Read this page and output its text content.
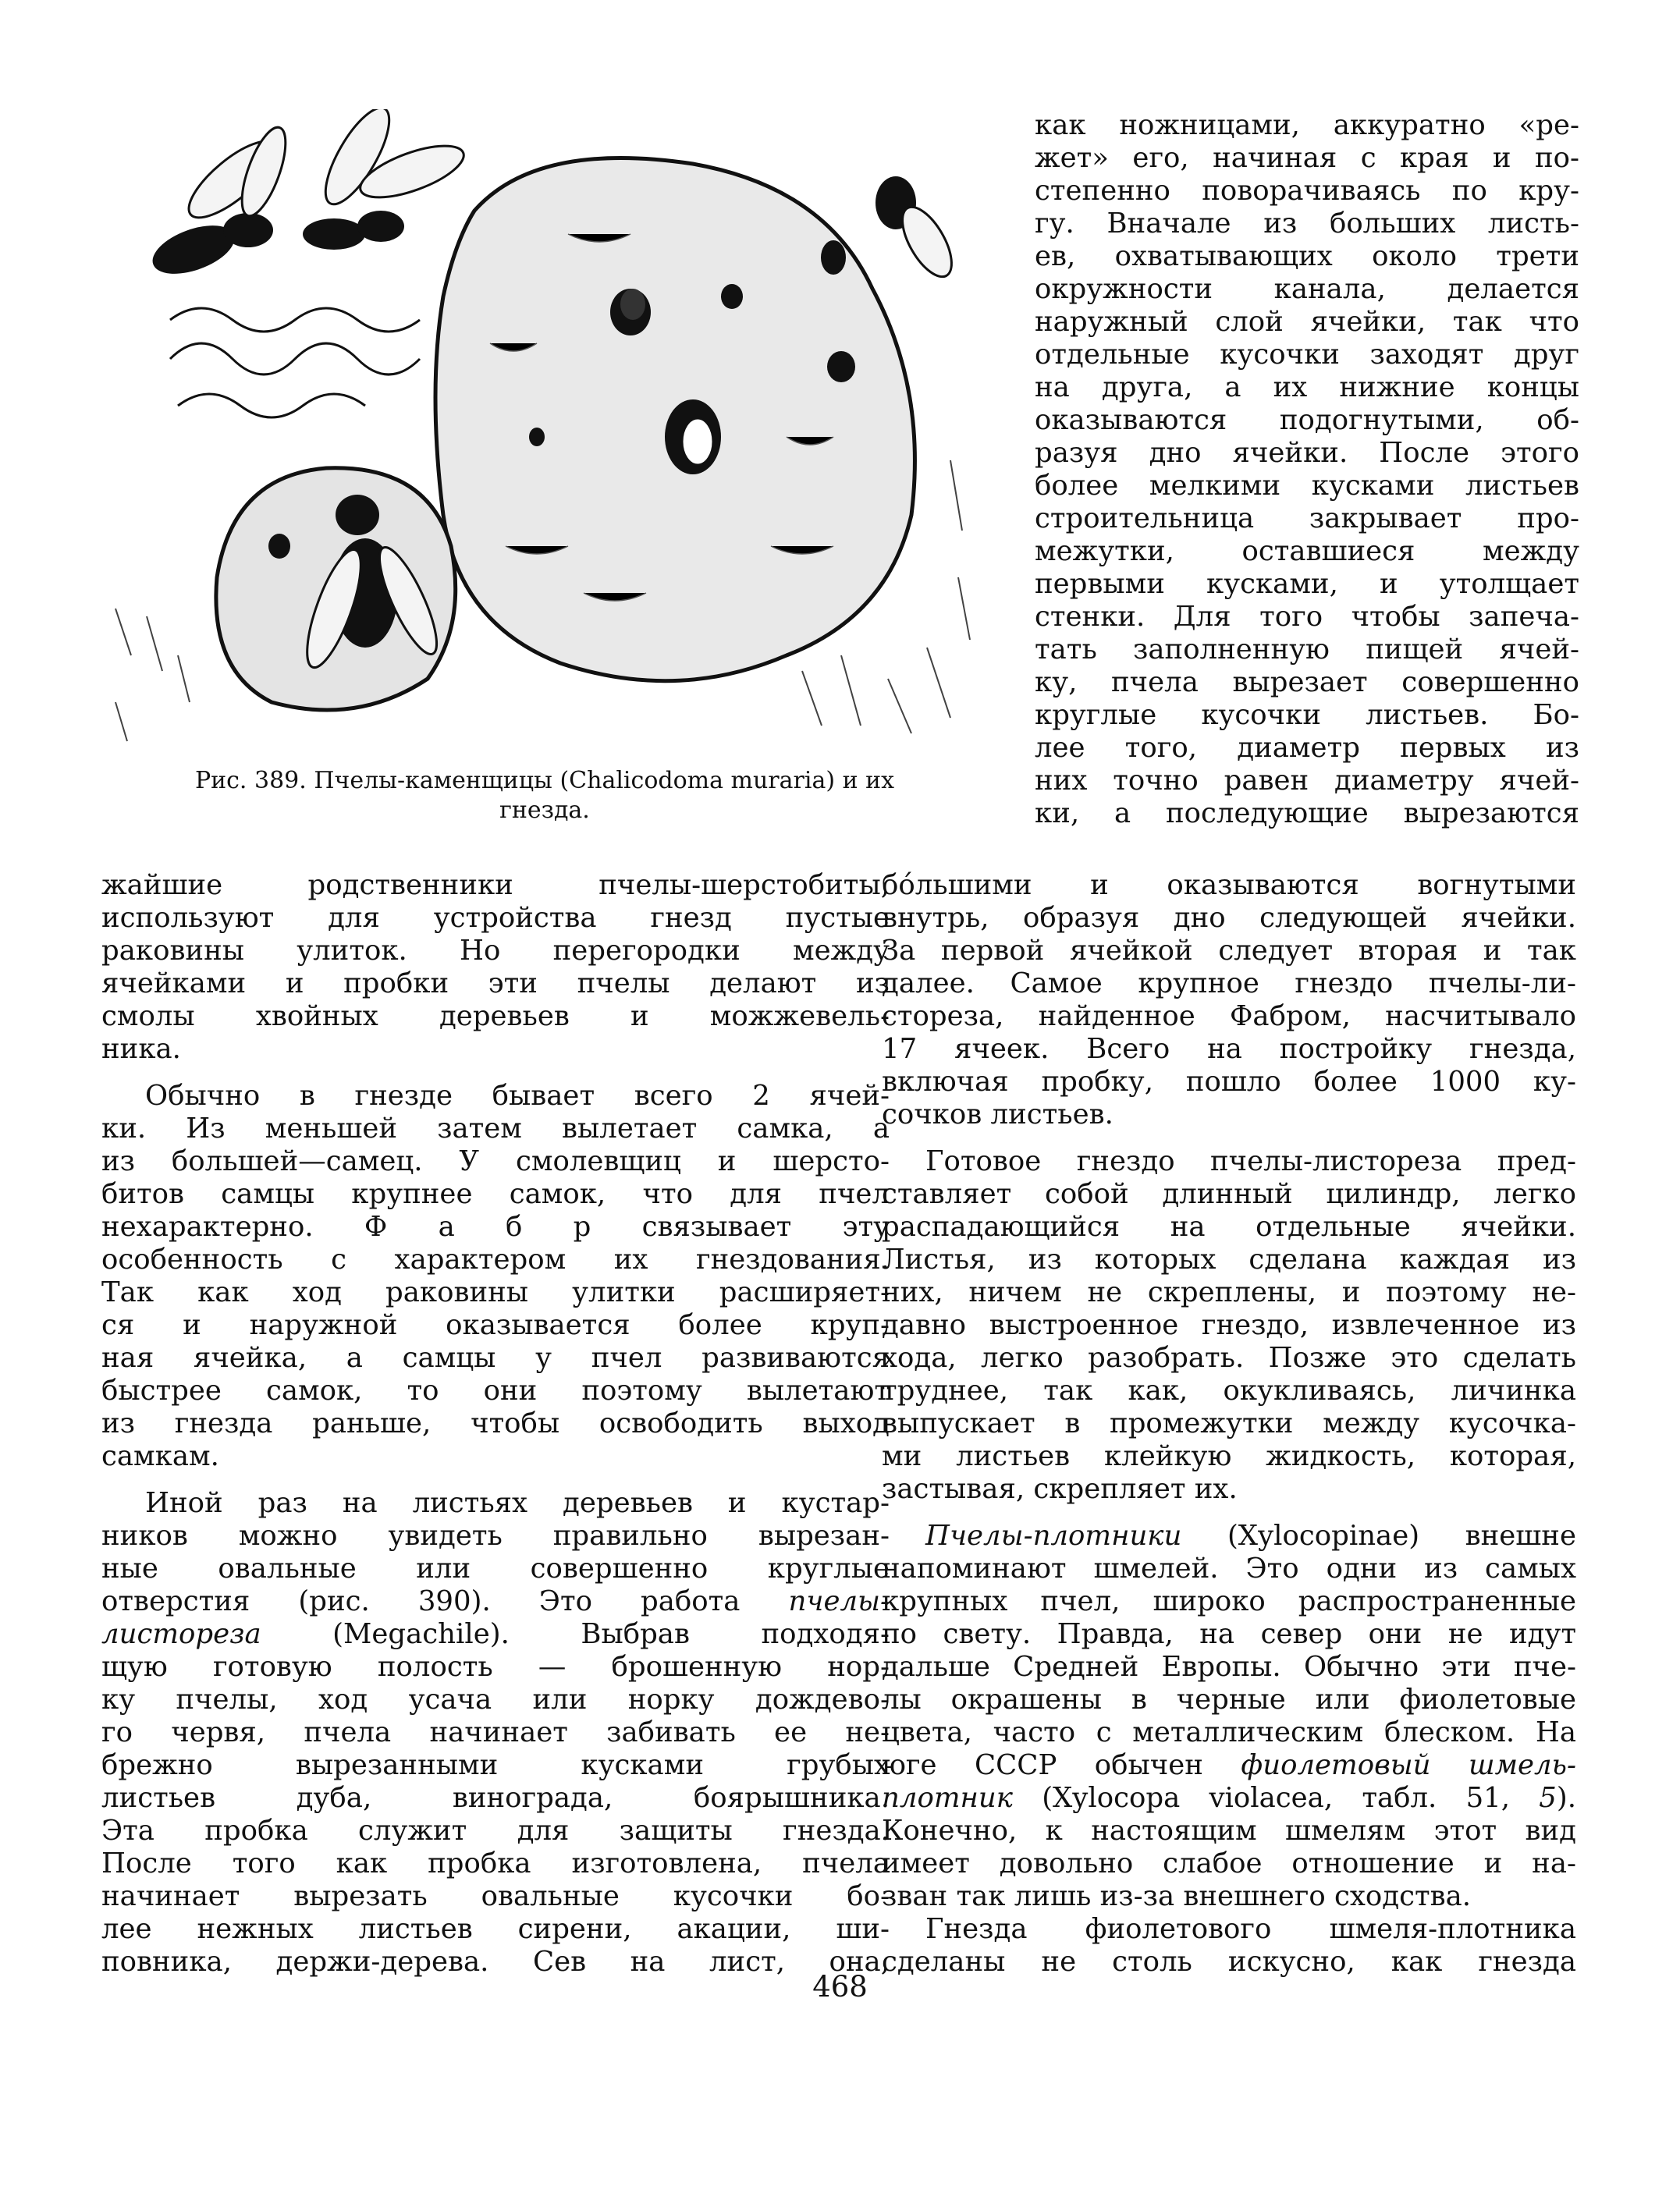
Рис. 389. Пчелы-каменщицы (Chalicodoma muraria) и их
гнезда.

как ножницами, аккуратно «ре-
жет» его, начиная с края и по-
степенно поворачиваясь по кру-
гу. Вначале из больших листь-
ев, охватывающих около трети
окружности канала, делается
наружный слой ячейки, так что
отдельные кусочки заходят друг
на друга, а их нижние концы
оказываются подогнутыми, об-
разуя дно ячейки. После этого
более мелкими кусками листьев
строительница закрывает про-
межутки, оставшиеся между
первыми кусками, и утолщает
стенки. Для того чтобы запеча-
тать заполненную пищей ячей-
ку, пчела вырезает совершенно
круглые кусочки листьев. Бо-
лее того, диаметр первых из
них точно равен диаметру ячей-
ки, а последующие вырезаются

жайшие родственники пчелы-шерстобиты,
используют для устройства гнезд пустые
раковины улиток. Но перегородки между
ячейками и пробки эти пчелы делают из
смолы хвойных деревьев и можжевель-
ника.

Обычно в гнезде бывает всего 2 ячей-
ки. Из меньшей затем вылетает самка, а
из большей—самец. У смолевщиц и шерсто-
битов самцы крупнее самок, что для пчел
нехарактерно. Ф а б р связывает эту
особенность с характером их гнездования.
Так как ход раковины улитки расширяет-
ся и наружной оказывается более круп-
ная ячейка, а самцы у пчел развиваются
быстрее самок, то они поэтому вылетают
из гнезда раньше, чтобы освободить выход
самкам.

Иной раз на листьях деревьев и кустар-
ников можно увидеть правильно вырезан-
ные овальные или совершенно круглые
отверстия (рис. 390). Это работа пчелы-
листореза	(Megachile). Выбрав подходя-
щую готовую полость — брошенную нор-
ку пчелы, ход усача или норку дождево-
го червя, пчела начинает забивать ее не-
брежно вырезанными кусками грубых
листьев дуба, винограда, боярышника.
Эта пробка служит для защиты гнезда.
После того как пробка изготовлена, пчела
начинает вырезать овальные кусочки бо-
лее нежных листьев сирени, акации, ши-
повника, держи-дерева. Сев на лист, она,

бо́льшими и оказываются вогнутыми
внутрь, образуя дно следующей ячейки.
За первой ячейкой следует вторая и так
далее. Самое крупное гнездо пчелы-ли-
стореза, найденное Фабром, насчитывало
17 ячеек. Всего на постройку гнезда,
включая пробку, пошло более 1000 ку-
сочков листьев.

Готовое гнездо пчелы-листореза пред-
ставляет собой длинный цилиндр, легко
распадающийся на отдельные ячейки.
Листья, из которых сделана каждая из
них, ничем не скреплены, и поэтому не-
давно выстроенное гнездо, извлеченное из
хода, легко разобрать. Позже это сделать
труднее, так как, окукливаясь, личинка
выпускает в промежутки между кусочка-
ми листьев клейкую жидкость, которая,
застывая, скрепляет их.

Пчелы-плотники (Xylocopinae) внешне
напоминают шмелей. Это одни из самых
крупных пчел, широко распространенные
по свету. Правда, на север они не идут
дальше Средней Европы. Обычно эти пче-
лы окрашены в черные или фиолетовые
цвета, часто с металлическим блеском. На
юге СССР обычен фиолетовый шмель-
плотник (Xylocopa violacea, табл. 51, 5).
Конечно, к настоящим шмелям этот вид
имеет довольно слабое отношение и на-
зван так лишь из-за внешнего сходства.

Гнезда фиолетового шмеля-плотника
сделаны не столь искусно, как гнезда

468
